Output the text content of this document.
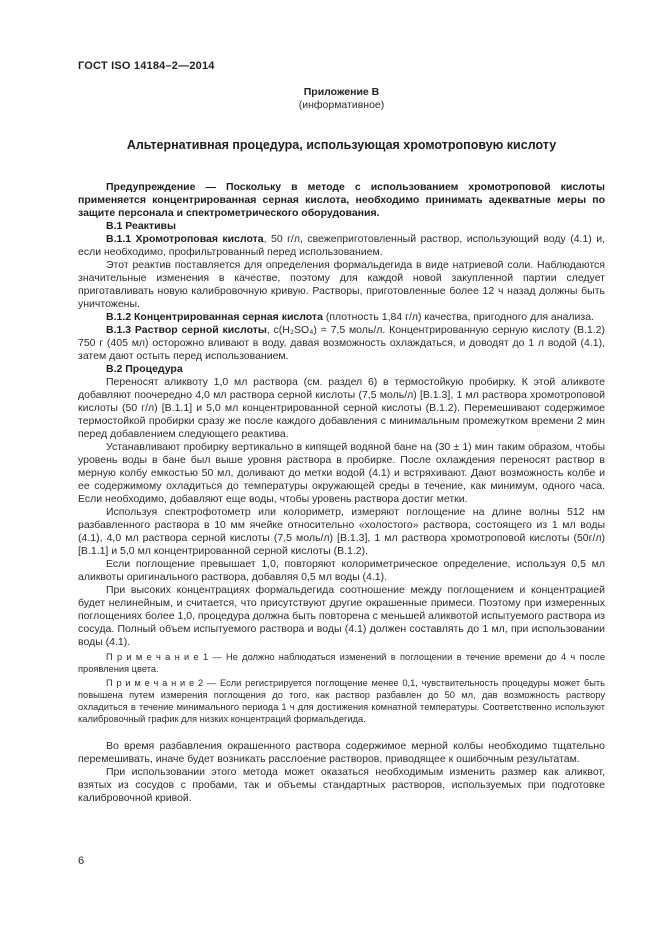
ГОСТ ISO 14184–2—2014
Приложение В
(информативное)
Альтернативная процедура, использующая хромотроповую кислоту

Предупреждение — Поскольку в методе с использованием хромотроповой кислоты применяется концентрированная серная кислота, необходимо принимать адекватные меры по защите персонала и спектрометрического оборудования.

В.1 Реактивы

В.1.1 Хромотроповая кислота, 50 г/л, свежеприготовленный раствор, использующий воду (4.1) и, если необходимо, профильтрованный перед использованием.

Этот реактив поставляется для определения формальдегида в виде натриевой соли. Наблюдаются значительные изменения в качестве, поэтому для каждой новой закупленной партии следует приготавливать новую калибровочную кривую. Растворы, приготовленные более 12 ч назад должны быть уничтожены.

В.1.2 Концентрированная серная кислота (плотность 1,84 г/л) качества, пригодного для анализа.

В.1.3 Раствор серной кислоты, c(H₂SO₄) = 7,5 моль/л. Концентрированную серную кислоту (В.1.2) 750 г (405 мл) осторожно вливают в воду, давая возможность охлаждаться, и доводят до 1 л водой (4.1), затем дают остыть перед использованием.

В.2 Процедура

Переносят аликвоту 1,0 мл раствора (см. раздел 6) в термостойкую пробирку. К этой аликвоте добавляют поочередно 4,0 мл раствора серной кислоты (7,5 моль/л) [В.1.3], 1 мл раствора хромотроповой кислоты (50 г/л) [В.1.1] и 5,0 мл концентрированной серной кислоты (В.1.2). Перемешивают содержимое термостойкой пробирки сразу же после каждого добавления с минимальным промежутком времени 2 мин перед добавлением следующего реактива.

Устанавливают пробирку вертикально в кипящей водяной бане на (30 ± 1) мин таким образом, чтобы уровень воды в бане был выше уровня раствора в пробирке. После охлаждения переносят раствор в мерную колбу емкостью 50 мл, доливают до метки водой (4.1) и встряхивают. Дают возможность колбе и ее содержимому охладиться до температуры окружающей среды в течение, как минимум, одного часа. Если необходимо, добавляют еще воды, чтобы уровень раствора достиг метки.

Используя спектрофотометр или колориметр, измеряют поглощение на длине волны 512 нм разбавленного раствора в 10 мм ячейке относительно «холостого» раствора, состоящего из 1 мл воды (4.1), 4,0 мл раствора серной кислоты (7,5 моль/л) [В.1.3], 1 мл раствора хромотроповой кислоты (50г/л) [В.1.1] и 5,0 мл концентрированной серной кислоты (В.1.2).

Если поглощение превышает 1,0, повторяют колориметрическое определение, используя 0,5 мл аликвоты оригинального раствора, добавляя 0,5 мл воды (4.1).

При высоких концентрациях формальдегида соотношение между поглощением и концентрацией будет нелинейным, и считается, что присутствуют другие окрашенные примеси. Поэтому при измеренных поглощениях более 1,0, процедура должна быть повторена с меньшей аликвотой испытуемого раствора из сосуда. Полный объем испытуемого раствора и воды (4.1) должен составлять до 1 мл, при использовании воды (4.1).

П р и м е ч а н и е 1 — Не должно наблюдаться изменений в поглощении в течение времени до 4 ч после проявления цвета.

П р и м е ч а н и е 2 — Если регистрируется поглощение менее 0,1, чувствительность процедуры может быть повышена путем измерения поглощения до того, как раствор разбавлен до 50 мл, дав возможность раствору охладиться в течение минимального периода 1 ч для достижения комнатной температуры. Соответственно используют калибровочный график для низких концентраций формальдегида.

Во время разбавления окрашенного раствора содержимое мерной колбы необходимо тщательно перемешивать, иначе будет возникать расслоение растворов, приводящее к ошибочным результатам.

При использовании этого метода может оказаться необходимым изменить размер как аликвот, взятых из сосудов с пробами, так и объемы стандартных растворов, используемых при подготовке калибровочной кривой.

6
